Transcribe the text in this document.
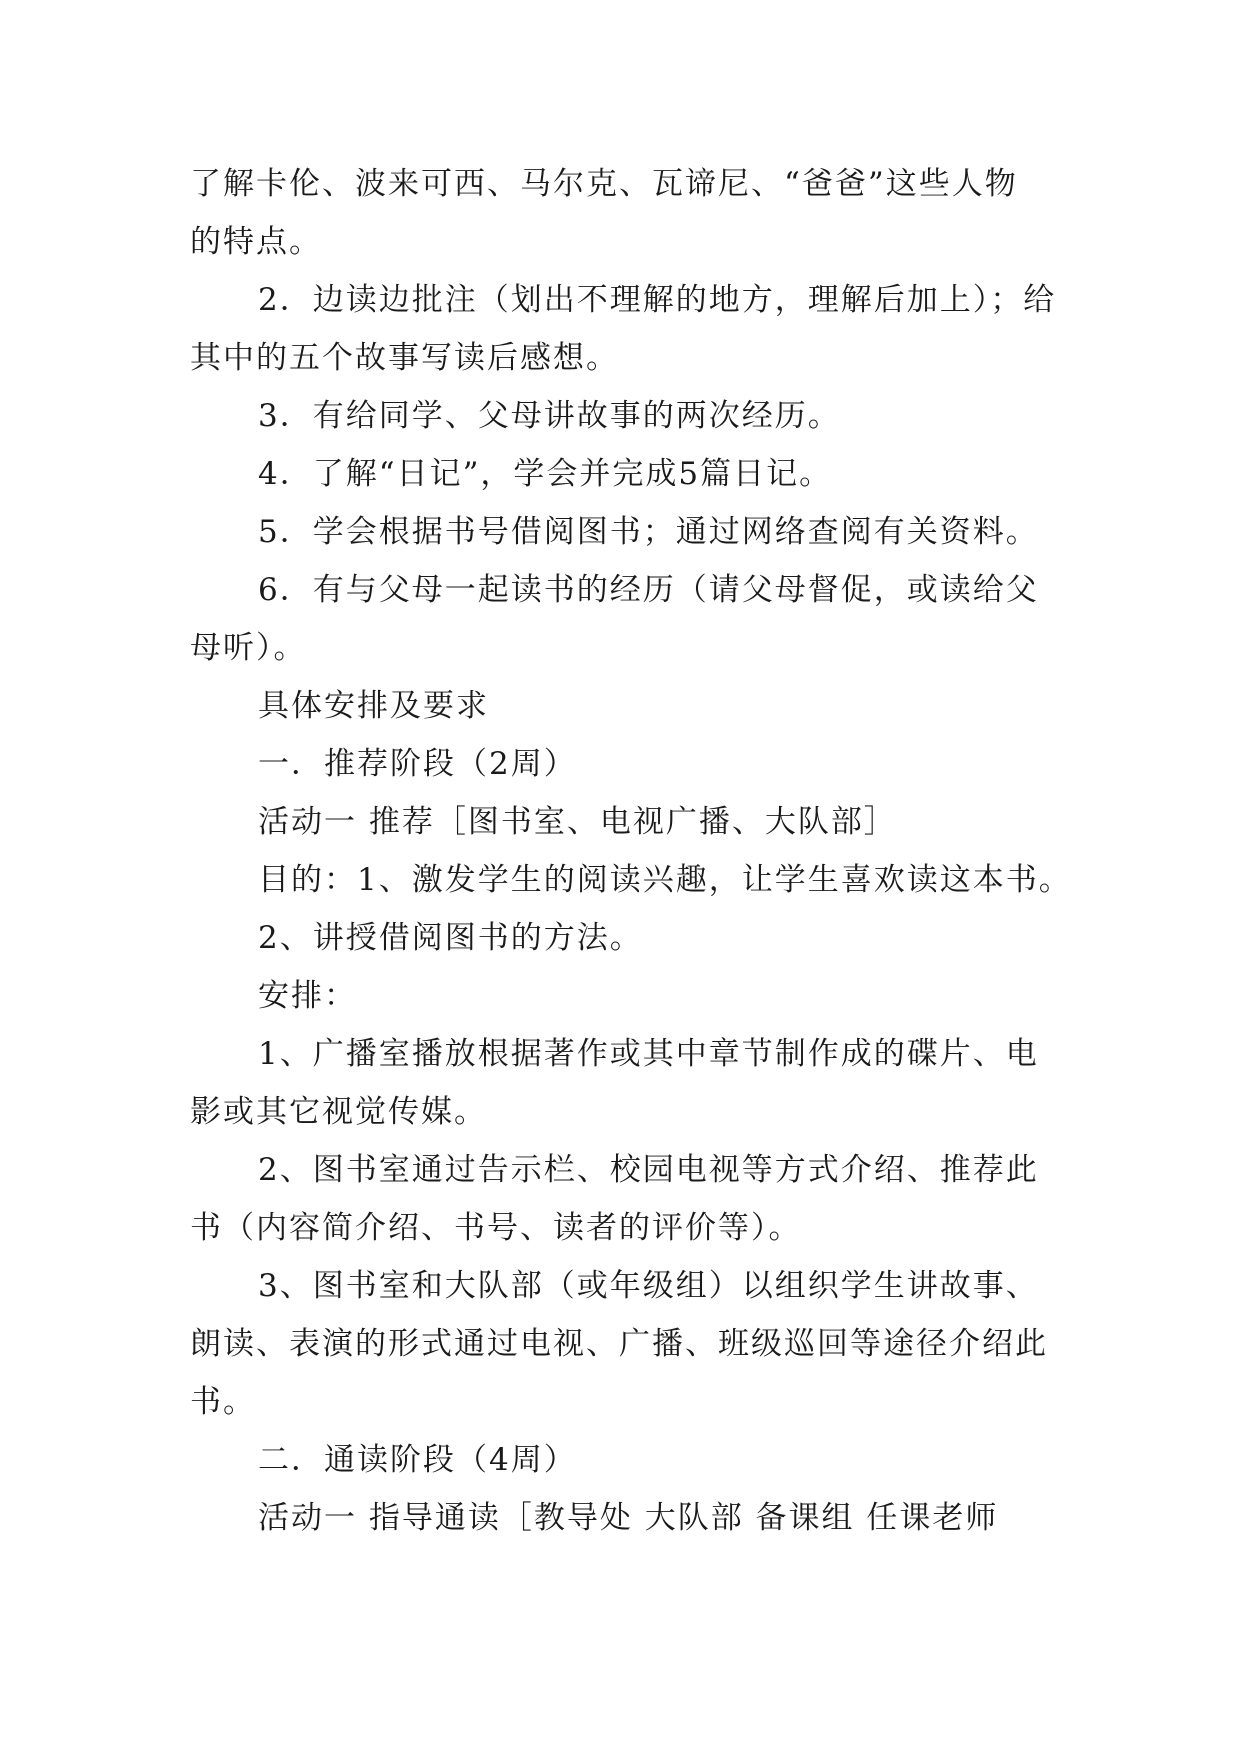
了解卡伦、波来可西、马尔克、瓦谛尼、“爸爸”这些人物
的特点。
2．边读边批注（划出不理解的地方，理解后加上）；给
其中的五个故事写读后感想。
3．有给同学、父母讲故事的两次经历。
4．了解“日记”，学会并完成5篇日记。
5．学会根据书号借阅图书；通过网络查阅有关资料。
6．有与父母一起读书的经历（请父母督促，或读给父
母听）。
具体安排及要求
一．推荐阶段（2周）
活动一 推荐［图书室、电视广播、大队部］
目的：1、激发学生的阅读兴趣，让学生喜欢读这本书。
2、讲授借阅图书的方法。
安排：
1、广播室播放根据著作或其中章节制作成的碟片、电
影或其它视觉传媒。
2、图书室通过告示栏、校园电视等方式介绍、推荐此
书（内容简介绍、书号、读者的评价等）。
3、图书室和大队部（或年级组）以组织学生讲故事、
朗读、表演的形式通过电视、广播、班级巡回等途径介绍此
书。
二．通读阶段（4周）
活动一 指导通读［教导处 大队部 备课组 任课老师
